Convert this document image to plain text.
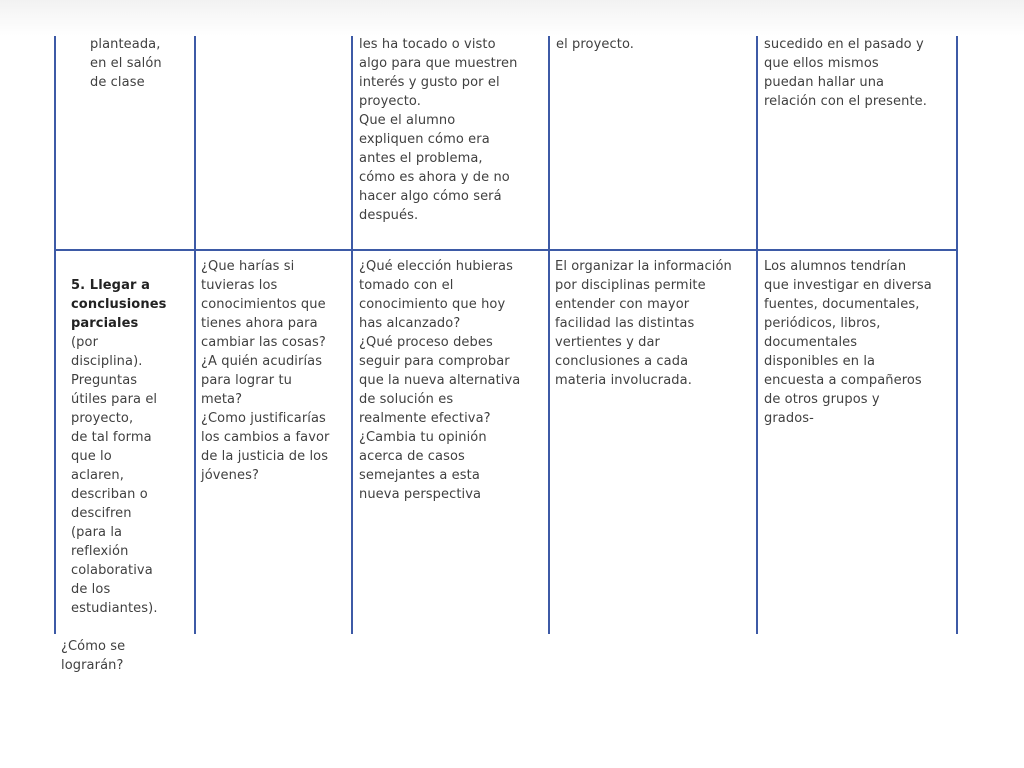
planteada,
en el salón
de clase
les ha tocado o visto
algo para que muestren
interés y gusto por el
proyecto.
Que el alumno
expliquen cómo era
antes el problema,
cómo es ahora y de no
hacer algo cómo será
después.
el proyecto.	sucedido en el pasado y
que ellos mismos
puedan hallar una
relación con el presente.

5. Llegar a
conclusiones
parciales

(por
disciplina).
Preguntas
útiles para el
proyecto,
de tal forma
que lo
aclaren,
describan o
descifren
(para la
reflexión
colaborativa
de los
estudiantes).

¿Cómo se
lograrán?

¿Que harías si
tuvieras los
conocimientos que
tienes ahora para
cambiar las cosas?
¿A quién acudirías
para lograr tu
meta?
¿Como justificarías
los cambios a favor
de la justicia de los
jóvenes?
¿Qué elección hubieras
tomado con el
conocimiento que hoy
has alcanzado?
¿Qué proceso debes
seguir para comprobar
que la nueva alternativa
de solución es
realmente efectiva?
¿Cambia tu opinión
acerca de casos
semejantes a esta
nueva perspectiva
El organizar la información
por disciplinas permite
entender con mayor
facilidad las distintas
vertientes y dar
conclusiones a cada
materia involucrada.
Los alumnos tendrían
que investigar en diversa
fuentes, documentales,
periódicos, libros,
documentales
disponibles en la
encuesta a compañeros
de otros grupos y
grados-
